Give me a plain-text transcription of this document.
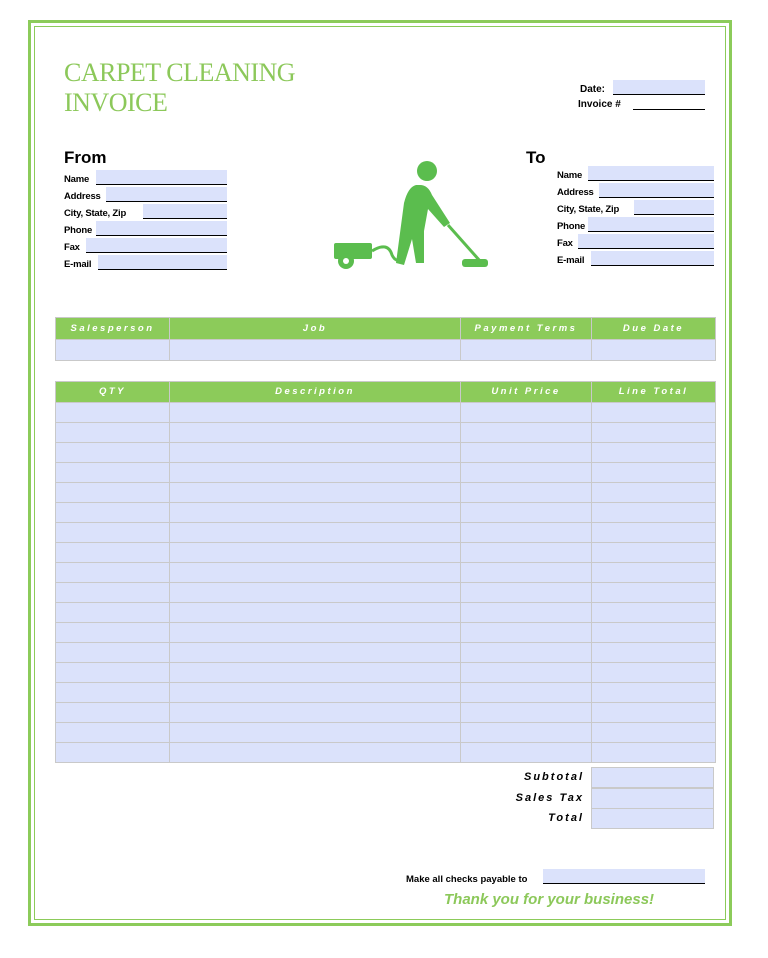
CARPET CLEANING
INVOICE	Date:
Invoice #
From
Name
Address
City, State, Zip
Phone
Fax
E-mail
To
Name
Address
City, State, Zip
Phone
Fax
E-mail
Salesperson	Job	Payment Terms	Due Date

QTY	Description	Unit Price	Line Total

Subtotal
Sales Tax
Total
Make all checks payable to
Thank you for your business!
